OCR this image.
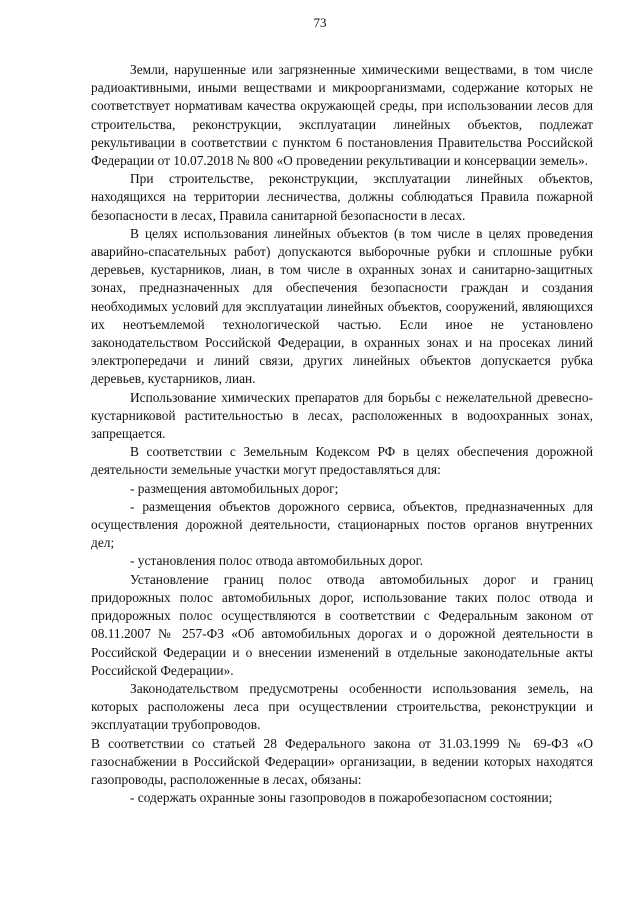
73

Земли, нарушенные или загрязненные химическими веществами, в том числе радиоактивными, иными веществами и микроорганизмами, содержание которых не соответствует нормативам качества окружающей среды, при использовании лесов для строительства, реконструкции, эксплуатации линейных объектов, подлежат рекультивации в соответствии с пунктом 6 постановления Правительства Российской Федерации от 10.07.2018 № 800 «О проведении рекультивации и консервации земель».

При строительстве, реконструкции, эксплуатации линейных объектов, находящихся на территории лесничества, должны соблюдаться Правила пожарной безопасности в лесах, Правила санитарной безопасности в лесах.

В целях использования линейных объектов (в том числе в целях проведения аварийно-спасательных работ) допускаются выборочные рубки и сплошные рубки деревьев, кустарников, лиан, в том числе в охранных зонах и санитарно-защитных зонах, предназначенных для обеспечения безопасности граждан и создания необходимых условий для эксплуатации линейных объектов, сооружений, являющихся их неотъемлемой технологической частью. Если иное не установлено законодательством Российской Федерации, в охранных зонах и на просеках линий электропередачи и линий связи, других линейных объектов допускается рубка деревьев, кустарников, лиан.

Использование химических препаратов для борьбы с нежелательной древесно-кустарниковой растительностью в лесах, расположенных в водоохранных зонах, запрещается.

В соответствии с Земельным Кодексом РФ в целях обеспечения дорожной деятельности земельные участки могут предоставляться для:

- размещения автомобильных дорог;

- размещения объектов дорожного сервиса, объектов, предназначенных для осуществления дорожной деятельности, стационарных постов органов внутренних дел;

- установления полос отвода автомобильных дорог.

Установление границ полос отвода автомобильных дорог и границ придорожных полос автомобильных дорог, использование таких полос отвода и придорожных полос осуществляются в соответствии с Федеральным законом от 08.11.2007 № 257-ФЗ «Об автомобильных дорогах и о дорожной деятельности в Российской Федерации и о внесении изменений в отдельные законодательные акты Российской Федерации».

Законодательством предусмотрены особенности использования земель, на которых расположены леса при осуществлении строительства, реконструкции и эксплуатации трубопроводов.

В соответствии со статьей 28 Федерального закона от 31.03.1999 № 69-ФЗ «О газоснабжении в Российской Федерации» организации, в ведении которых находятся газопроводы, расположенные в лесах, обязаны:

- содержать охранные зоны газопроводов в пожаробезопасном состоянии;
